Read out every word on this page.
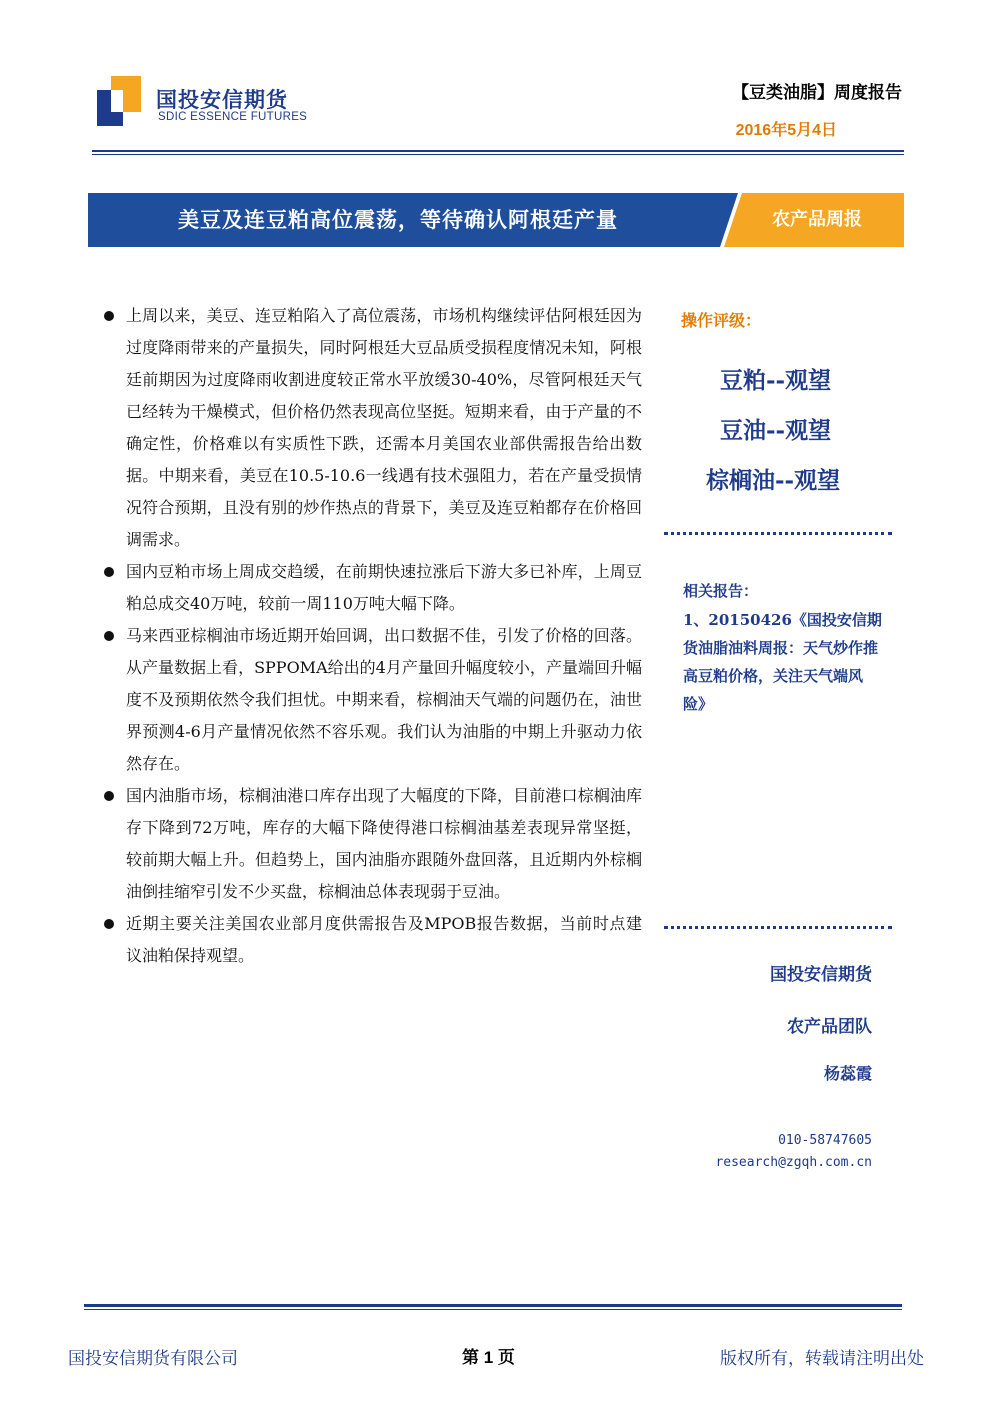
国投安信期货
SDIC ESSENCE FUTURES
【豆类油脂】周度报告
2016年5月4日
美豆及连豆粕高位震荡，等待确认阿根廷产量	农产品周报
上周以来，美豆、连豆粕陷入了高位震荡，市场机构继续评估阿根廷因为过度降雨带来的产量损失，同时阿根廷大豆品质受损程度情况未知，阿根廷前期因为过度降雨收割进度较正常水平放缓30-40%，尽管阿根廷天气已经转为干燥模式，但价格仍然表现高位坚挺。短期来看，由于产量的不确定性，价格难以有实质性下跌，还需本月美国农业部供需报告给出数据。中期来看，美豆在10.5-10.6一线遇有技术强阻力，若在产量受损情况符合预期，且没有别的炒作热点的背景下，美豆及连豆粕都存在价格回调需求。
国内豆粕市场上周成交趋缓，在前期快速拉涨后下游大多已补库，上周豆粕总成交40万吨，较前一周110万吨大幅下降。
马来西亚棕榈油市场近期开始回调，出口数据不佳，引发了价格的回落。从产量数据上看，SPPOMA给出的4月产量回升幅度较小，产量端回升幅度不及预期依然令我们担忧。中期来看，棕榈油天气端的问题仍在，油世界预测4-6月产量情况依然不容乐观。我们认为油脂的中期上升驱动力依然存在。
国内油脂市场，棕榈油港口库存出现了大幅度的下降，目前港口棕榈油库存下降到72万吨，库存的大幅下降使得港口棕榈油基差表现异常坚挺，较前期大幅上升。但趋势上，国内油脂亦跟随外盘回落，且近期内外棕榈油倒挂缩窄引发不少买盘，棕榈油总体表现弱于豆油。
近期主要关注美国农业部月度供需报告及MPOB报告数据，当前时点建议油粕保持观望。
操作评级：
豆粕--观望
豆油--观望
棕榈油--观望
相关报告：
1、20150426《国投安信期货油脂油料周报：天气炒作推高豆粕价格，关注天气端风险》
国投安信期货
农产品团队
杨蕊霞
010-58747605
research@zgqh.com.cn
国投安信期货有限公司	第 1 页	版权所有，转载请注明出处
